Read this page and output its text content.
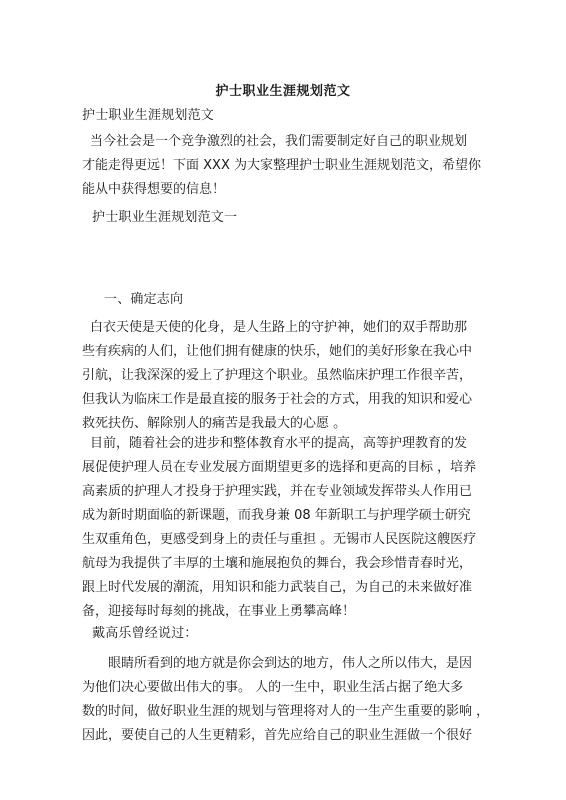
护士职业生涯规划范文
护士职业生涯规划范文
当今社会是一个竞争激烈的社会，我们需要制定好自己的职业规划
才能走得更远！下面 XXX 为大家整理护士职业生涯规划范文，希望你
能从中获得想要的信息！
护士职业生涯规划范文一
一、确定志向
白衣天使是天使的化身，是人生路上的守护神，她们的双手帮助那
些有疾病的人们，让他们拥有健康的快乐，她们的美好形象在我心中
引航，让我深深的爱上了护理这个职业。虽然临床护理工作很辛苦，
但我认为临床工作是最直接的服务于社会的方式，用我的知识和爱心
救死扶伤、解除别人的痛苦是我最大的心愿 。
目前，随着社会的进步和整体教育水平的提高，高等护理教育的发
展促使护理人员在专业发展方面期望更多的选择和更高的目标 ，培养
高素质的护理人才投身于护理实践，并在专业领域发挥带头人作用已
成为新时期面临的新课题，而我身兼 08 年新职工与护理学硕士研究
生双重角色，更感受到身上的责任与重担 。无锡市人民医院这艘医疗
航母为我提供了丰厚的土壤和施展抱负的舞台，我会珍惜青春时光，
跟上时代发展的潮流，用知识和能力武装自己，为自己的未来做好准
备，迎接每时每刻的挑战，在事业上勇攀高峰！
戴高乐曾经说过：
眼睛所看到的地方就是你会到达的地方，伟人之所以伟大，是因
为他们决心要做出伟大的事。 人的一生中，职业生活占据了绝大多
数的时间，做好职业生涯的规划与管理将对人的一生产生重要的影响 ，
因此，要使自己的人生更精彩，首先应给自己的职业生涯做一个很好
